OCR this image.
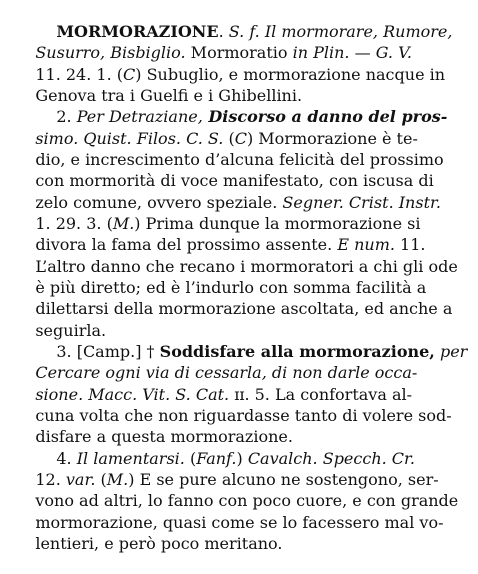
MORMORAZIONE. S. f. Il mormorare, Rumore,

Susurro, Bisbiglio. Mormoratio in Plin. — G. V.

11. 24. 1. (C) Subuglio, e mormorazione nacque in

Genova tra i Guelfi e i Ghibellini.

2. Per Detraziane, Discorso a danno del pros-

simo. Quist. Filos. C. S. (C) Mormorazione è te-

dio, e increscimento d’alcuna felicità del prossimo

con mormorità di voce manifestato, con iscusa di

zelo comune, ovvero speziale. Segner. Crist. Instr.

1. 29. 3. (M.) Prima dunque la mormorazione si

divora la fama del prossimo assente. E num. 11.

L’altro danno che recano i mormoratori a chi gli ode

è più diretto; ed è l’indurlo con somma facilità a

dilettarsi della mormorazione ascoltata, ed anche a

seguirla.

3. [Camp.] † Soddisfare alla mormorazione, per

Cercare ogni via di cessarla, di non darle occa-

sione. Macc. Vit. S. Cat. ɪɪ. 5. La confortava al-

cuna volta che non riguardasse tanto di volere sod-

disfare a questa mormorazione.

4. Il lamentarsi. (Fanf.) Cavalch. Specch. Cr.

12. var. (M.) E se pure alcuno ne sostengono, ser-

vono ad altri, lo fanno con poco cuore, e con grande

mormorazione, quasi come se lo facessero mal vo-

lentieri, e però poco meritano.
